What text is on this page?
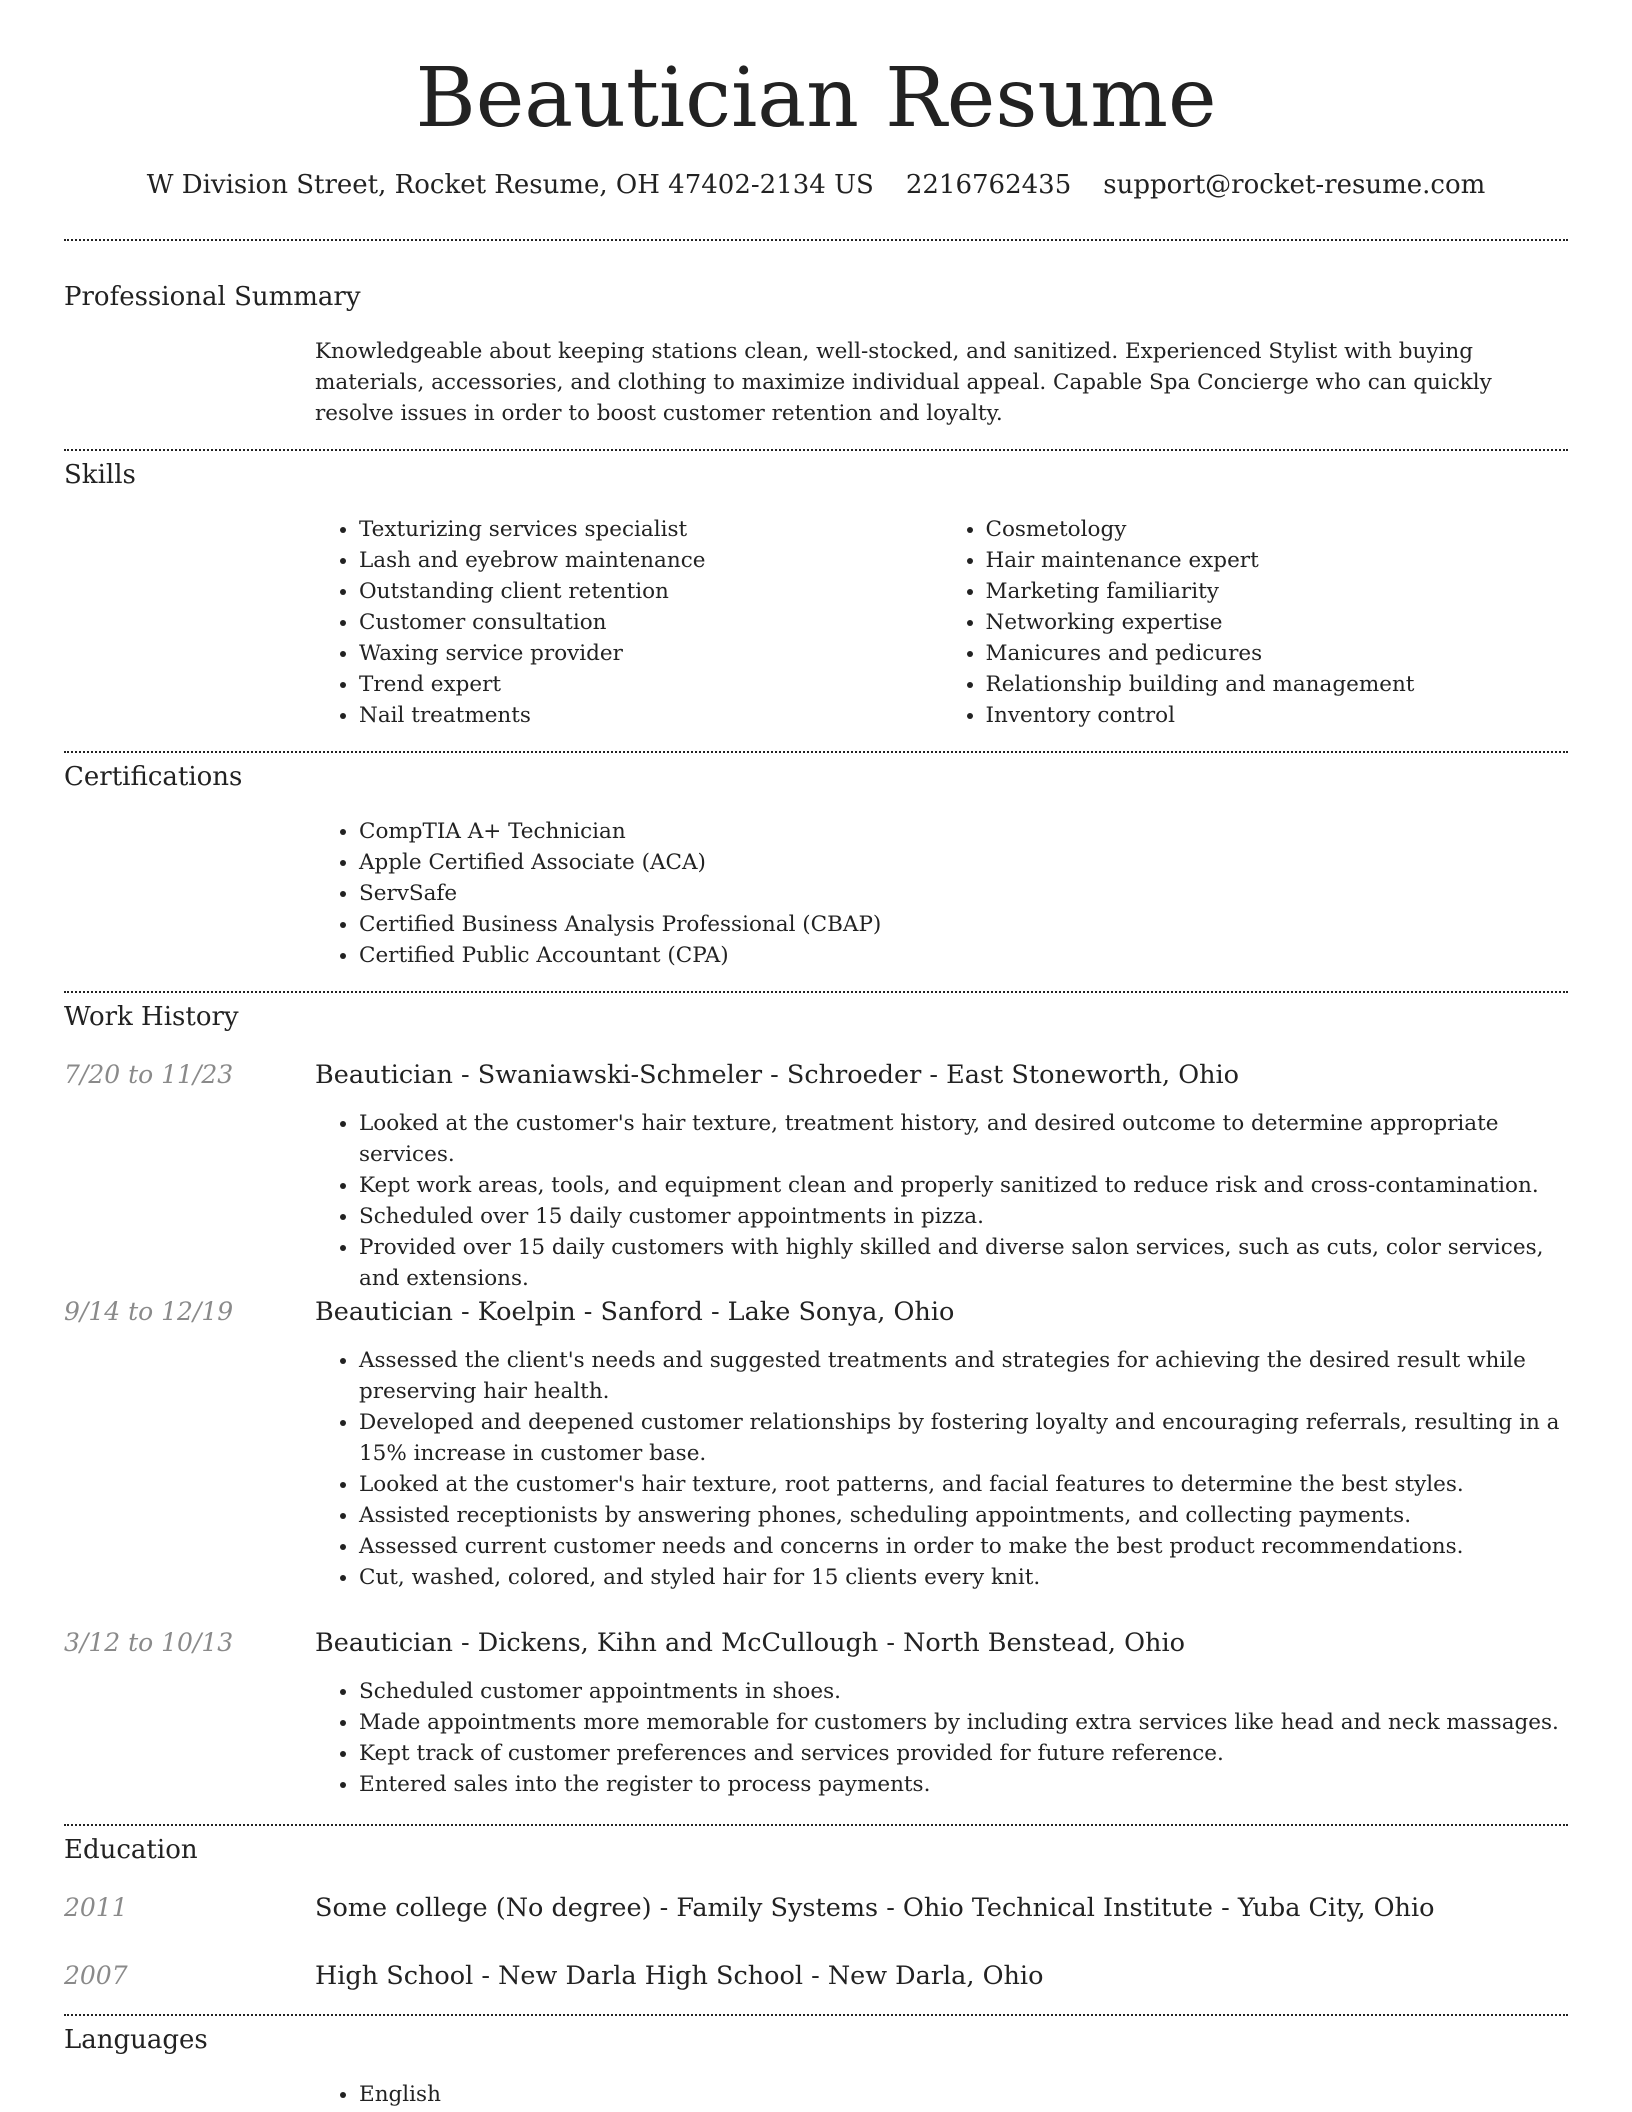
Beautician Resume
W Division Street, Rocket Resume, OH 47402-2134 US 2216762435 support@rocket-resume.com
Professional Summary
Knowledgeable about keeping stations clean, well-stocked, and sanitized. Experienced Stylist with buying materials, accessories, and clothing to maximize individual appeal. Capable Spa Concierge who can quickly resolve issues in order to boost customer retention and loyalty.
Skills
• Texturizing services specialist
• Lash and eyebrow maintenance
• Outstanding client retention
• Customer consultation
• Waxing service provider
• Trend expert
• Nail treatments
• Cosmetology
• Hair maintenance expert
• Marketing familiarity
• Networking expertise
• Manicures and pedicures
• Relationship building and management
• Inventory control
Certifications
• CompTIA A+ Technician
• Apple Certified Associate (ACA)
• ServSafe
• Certified Business Analysis Professional (CBAP)
• Certified Public Accountant (CPA)
Work History
7/20 to 11/23	Beautician - Swaniawski-Schmeler - Schroeder - East Stoneworth, Ohio
• Looked at the customer's hair texture, treatment history, and desired outcome to determine appropriate services.
• Kept work areas, tools, and equipment clean and properly sanitized to reduce risk and cross-contamination.
• Scheduled over 15 daily customer appointments in pizza.
• Provided over 15 daily customers with highly skilled and diverse salon services, such as cuts, color services, and extensions.
9/14 to 12/19	Beautician - Koelpin - Sanford - Lake Sonya, Ohio
• Assessed the client's needs and suggested treatments and strategies for achieving the desired result while preserving hair health.
• Developed and deepened customer relationships by fostering loyalty and encouraging referrals, resulting in a 15% increase in customer base.
• Looked at the customer's hair texture, root patterns, and facial features to determine the best styles.
• Assisted receptionists by answering phones, scheduling appointments, and collecting payments.
• Assessed current customer needs and concerns in order to make the best product recommendations.
• Cut, washed, colored, and styled hair for 15 clients every knit.
3/12 to 10/13	Beautician - Dickens, Kihn and McCullough - North Benstead, Ohio
• Scheduled customer appointments in shoes.
• Made appointments more memorable for customers by including extra services like head and neck massages.
• Kept track of customer preferences and services provided for future reference.
• Entered sales into the register to process payments.
Education
2011	Some college (No degree) - Family Systems - Ohio Technical Institute - Yuba City, Ohio
2007	High School - New Darla High School - New Darla, Ohio
Languages
• English
